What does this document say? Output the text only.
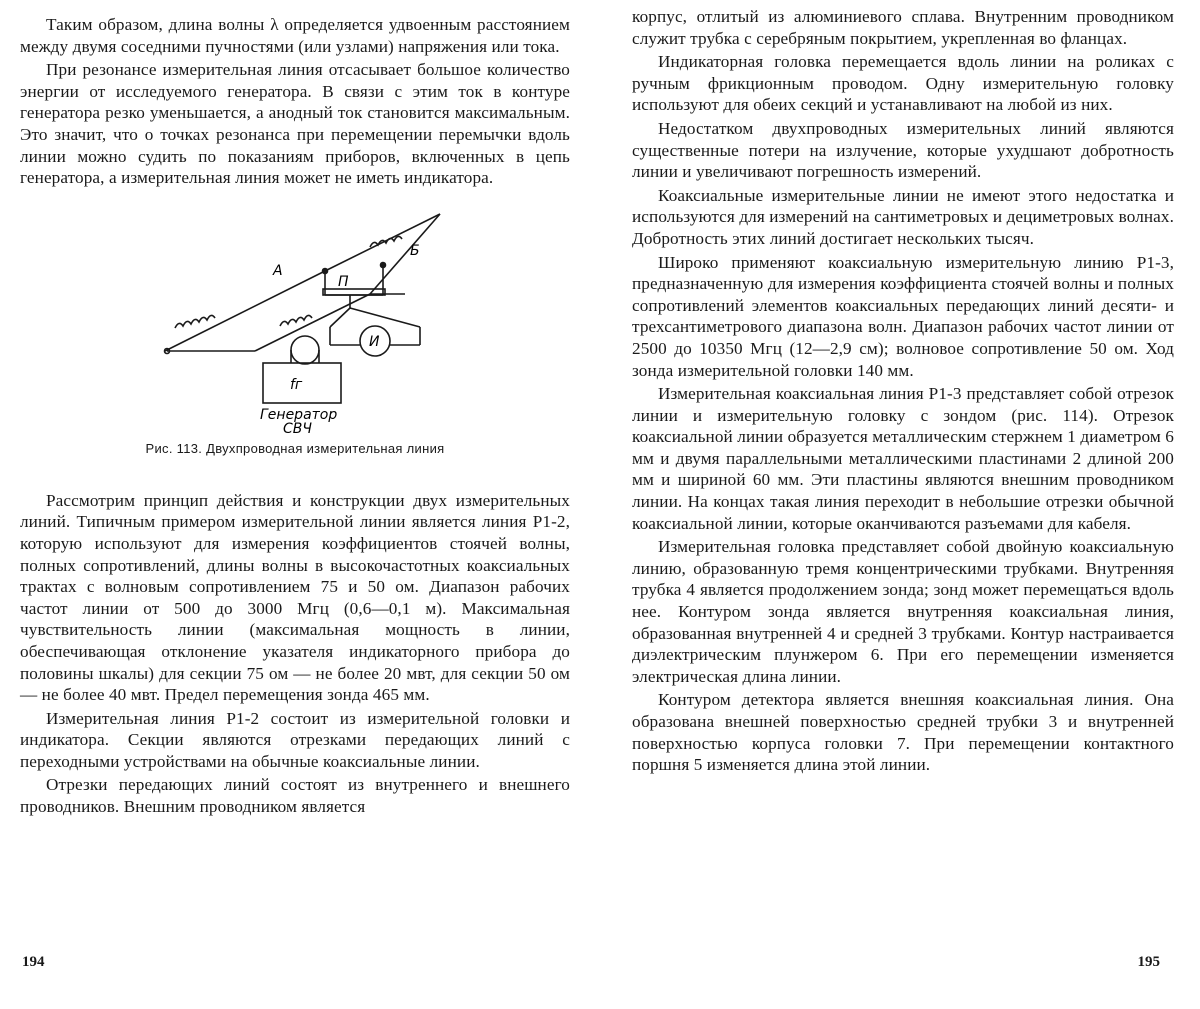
Таким образом, длина волны λ определяется удвоенным расстоянием между двумя соседними пучностями (или узлами) напряжения или тока.

При резонансе измерительная линия отсасывает большое количество энергии от исследуемого генератора. В связи с этим ток в контуре генератора резко уменьшается, а анодный ток становится максимальным. Это значит, что о точках резонанса при перемещении перемычки вдоль линии можно судить по показаниям приборов, включенных в цепь генератора, а измерительная линия может не иметь индикатора.

А
Б
П
И
fг
Генератор
СВЧ
Рис. 113. Двухпроводная измерительная линия

Рассмотрим принцип действия и конструкции двух измерительных линий. Типичным примером измерительной линии является линия Р1-2, которую используют для измерения коэффициентов стоячей волны, полных сопротивлений, длины волны в высокочастотных коаксиальных трактах с волновым сопротивлением 75 и 50 ом. Диапазон рабочих частот линии от 500 до 3000 Мгц (0,6—0,1 м). Максимальная чувствительность линии (максимальная мощность в линии, обеспечивающая отклонение указателя индикаторного прибора до половины шкалы) для секции 75 ом — не более 20 мвт, для секции 50 ом — не более 40 мвт. Предел перемещения зонда 465 мм.

Измерительная линия Р1-2 состоит из измерительной головки и индикатора. Секции являются отрезками передающих линий с переходными устройствами на обычные коаксиальные линии.

Отрезки передающих линий состоят из внутреннего и внешнего проводников. Внешним проводником является

194

корпус, отлитый из алюминиевого сплава. Внутренним проводником служит трубка с серебряным покрытием, укрепленная во фланцах.

Индикаторная головка перемещается вдоль линии на роликах с ручным фрикционным проводом. Одну измерительную головку используют для обеих секций и устанавливают на любой из них.

Недостатком двухпроводных измерительных линий являются существенные потери на излучение, которые ухудшают добротность линии и увеличивают погрешность измерений.

Коаксиальные измерительные линии не имеют этого недостатка и используются для измерений на сантиметровых и дециметровых волнах. Добротность этих линий достигает нескольких тысяч.

Широко применяют коаксиальную измерительную линию Р1-3, предназначенную для измерения коэффициента стоячей волны и полных сопротивлений элементов коаксиальных передающих линий десяти- и трехсантиметрового диапазона волн. Диапазон рабочих частот линии от 2500 до 10350 Мгц (12—2,9 см); волновое сопротивление 50 ом. Ход зонда измерительной головки 140 мм.

Измерительная коаксиальная линия Р1-3 представляет собой отрезок линии и измерительную головку с зондом (рис. 114). Отрезок коаксиальной линии образуется металлическим стержнем 1 диаметром 6 мм и двумя параллельными металлическими пластинами 2 длиной 200 мм и шириной 60 мм. Эти пластины являются внешним проводником линии. На концах такая линия переходит в небольшие отрезки обычной коаксиальной линии, которые оканчиваются разъемами для кабеля.

Измерительная головка представляет собой двойную коаксиальную линию, образованную тремя концентрическими трубками. Внутренняя трубка 4 является продолжением зонда; зонд может перемещаться вдоль нее. Контуром зонда является внутренняя коаксиальная линия, образованная внутренней 4 и средней 3 трубками. Контур настраивается диэлектрическим плунжером 6. При его перемещении изменяется электрическая длина линии.

Контуром детектора является внешняя коаксиальная линия. Она образована внешней поверхностью средней трубки 3 и внутренней поверхностью корпуса головки 7. При перемещении контактного поршня 5 изменяется длина этой линии.

195
